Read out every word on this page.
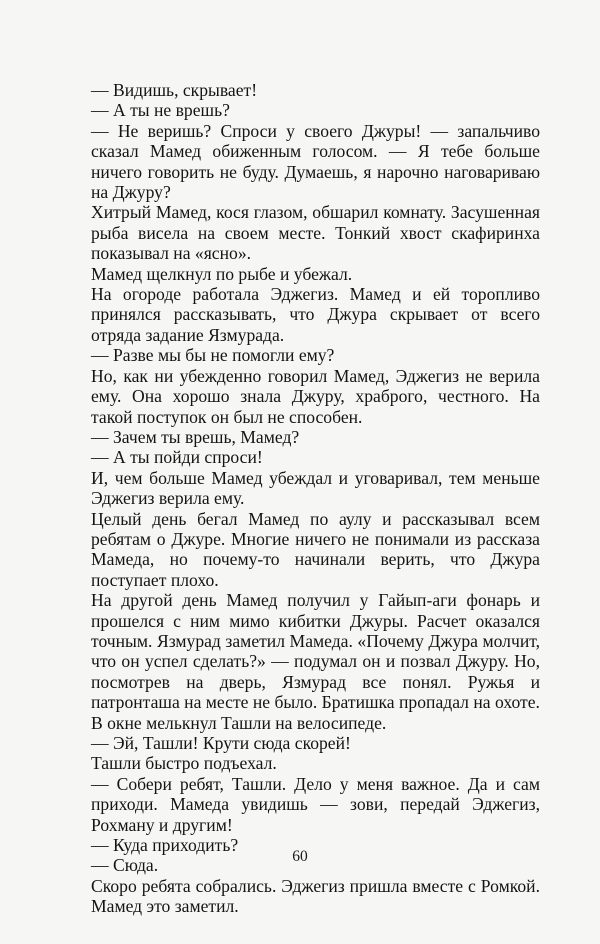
— Видишь, скрывает!

— А ты не врешь?

— Не веришь? Спроси у своего Джуры! — запальчиво сказал Мамед обиженным голосом. — Я тебе больше ничего говорить не буду. Думаешь, я нарочно наговариваю на Джуру?

Хитрый Мамед, кося глазом, обшарил комнату. Засушенная рыба висела на своем месте. Тонкий хвост скафиринха показывал на «ясно».

Мамед щелкнул по рыбе и убежал.

На огороде работала Эджегиз. Мамед и ей торопливо принялся рассказывать, что Джура скрывает от всего отряда задание Язмурада.

— Разве мы бы не помогли ему?

Но, как ни убежденно говорил Мамед, Эджегиз не верила ему. Она хорошо знала Джуру, храброго, честного. На такой поступок он был не способен.

— Зачем ты врешь, Мамед?

— А ты пойди спроси!

И, чем больше Мамед убеждал и уговаривал, тем меньше Эджегиз верила ему.

Целый день бегал Мамед по аулу и рассказывал всем ребятам о Джуре. Многие ничего не понимали из рассказа Мамеда, но почему-то начинали верить, что Джура поступает плохо.

На другой день Мамед получил у Гайып-аги фонарь и прошелся с ним мимо кибитки Джуры. Расчет оказался точным. Язмурад заметил Мамеда. «Почему Джура молчит, что он успел сделать?» — подумал он и позвал Джуру. Но, посмотрев на дверь, Язмурад все понял. Ружья и патронташа на месте не было. Братишка пропадал на охоте.

В окне мелькнул Ташли на велосипеде.

— Эй, Ташли! Крути сюда скорей!

Ташли быстро подъехал.

— Собери ребят, Ташли. Дело у меня важное. Да и сам приходи. Мамеда увидишь — зови, передай Эджегиз, Рохману и другим!

— Куда приходить?

— Сюда.

Скоро ребята собрались. Эджегиз пришла вместе с Ромкой. Мамед это заметил.

60
